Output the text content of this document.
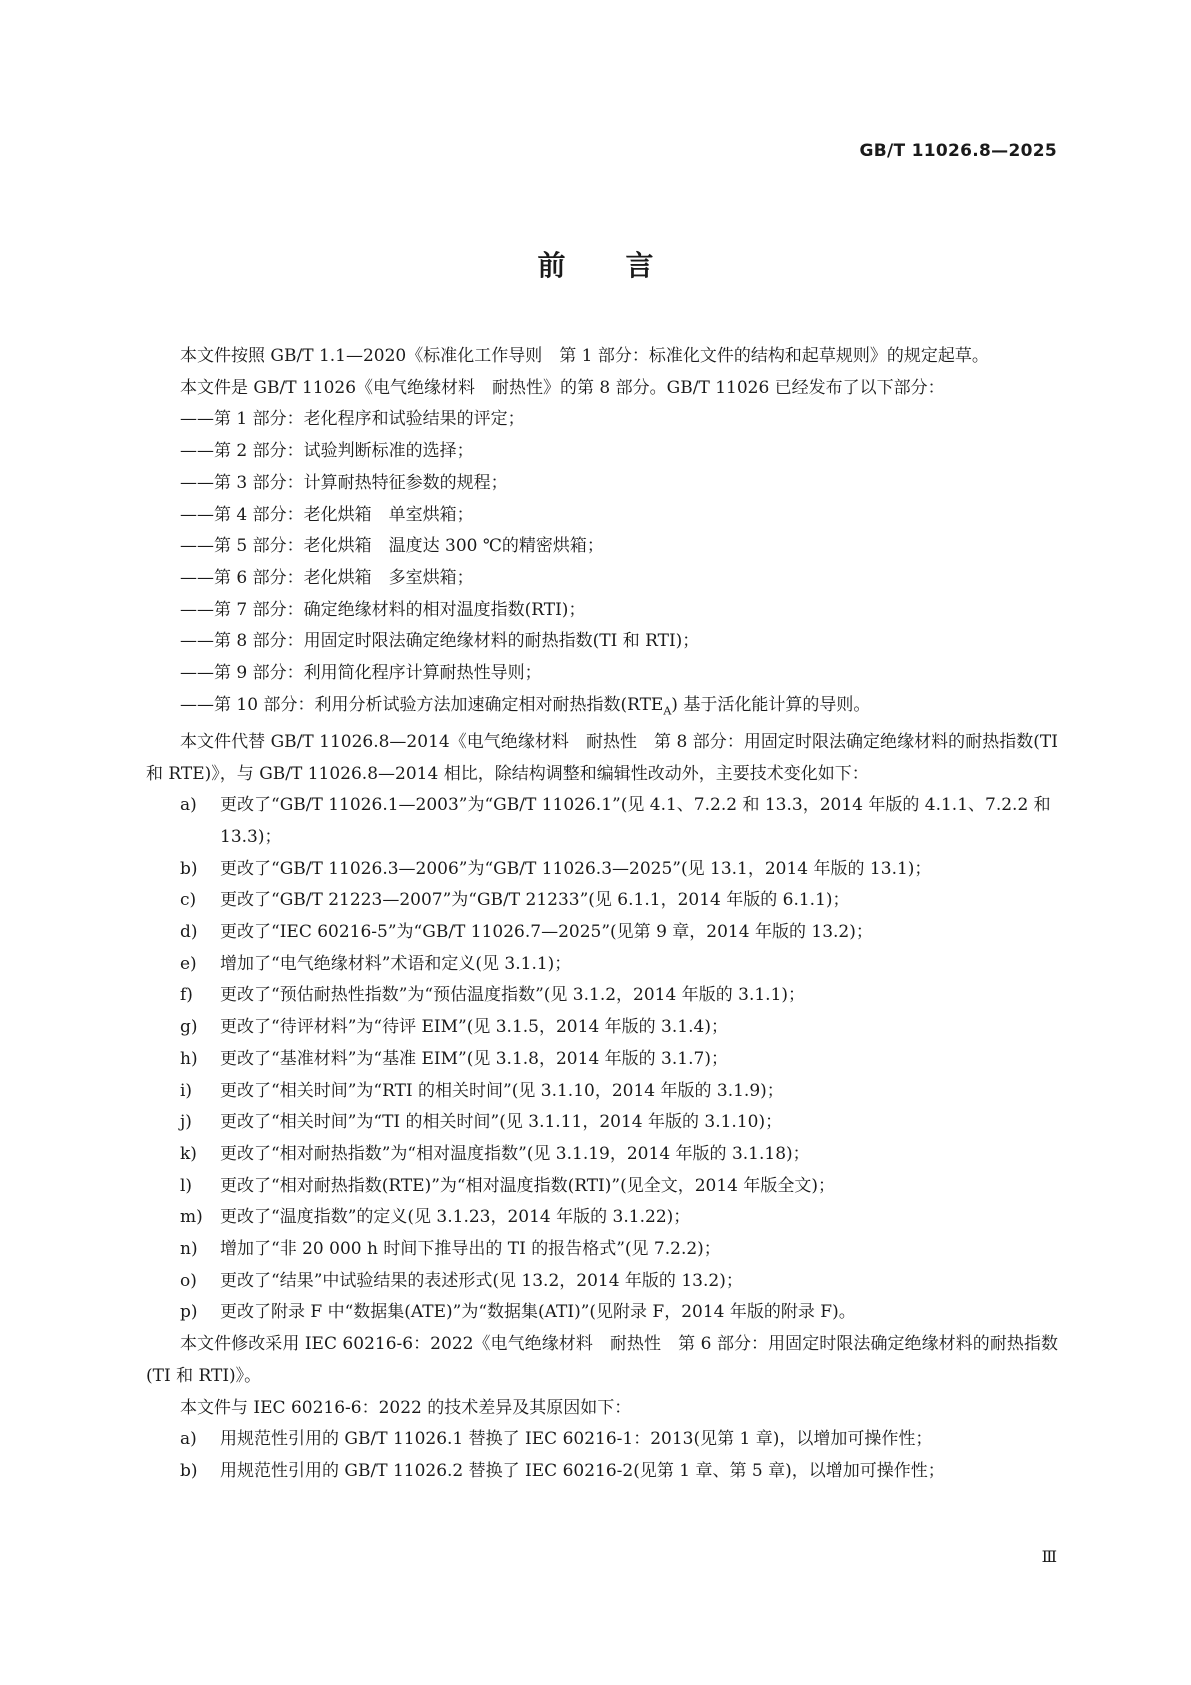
GB/T 11026.8—2025
前言

本文件按照 GB/T 1.1—2020《标准化工作导则　第 1 部分：标准化文件的结构和起草规则》的规定起草。

本文件是 GB/T 11026《电气绝缘材料　耐热性》的第 8 部分。GB/T 11026 已经发布了以下部分：

——第 1 部分：老化程序和试验结果的评定；

——第 2 部分：试验判断标准的选择；

——第 3 部分：计算耐热特征参数的规程；

——第 4 部分：老化烘箱　单室烘箱；

——第 5 部分：老化烘箱　温度达 300 ℃的精密烘箱；

——第 6 部分：老化烘箱　多室烘箱；

——第 7 部分：确定绝缘材料的相对温度指数(RTI)；

——第 8 部分：用固定时限法确定绝缘材料的耐热指数(TI 和 RTI)；

——第 9 部分：利用简化程序计算耐热性导则；

——第 10 部分：利用分析试验方法加速确定相对耐热指数$(RTE_A)$ 基于活化能计算的导则。

本文件代替 GB/T 11026.8—2014《电气绝缘材料　耐热性　第 8 部分：用固定时限法确定绝缘材料的耐热指数(TI 和 RTE)》，与 GB/T 11026.8—2014 相比，除结构调整和编辑性改动外，主要技术变化如下：

a)	更改了“GB/T 11026.1—2003”为“GB/T 11026.1”(见 4.1、7.2.2 和 13.3，2014 年版的 4.1.1、7.2.2 和 13.3)；
b)	更改了“GB/T 11026.3—2006”为“GB/T 11026.3—2025”(见 13.1，2014 年版的 13.1)；
c)	更改了“GB/T 21223—2007”为“GB/T 21233”(见 6.1.1，2014 年版的 6.1.1)；
d)	更改了“IEC 60216-5”为“GB/T 11026.7—2025”(见第 9 章，2014 年版的 13.2)；
e)	增加了“电气绝缘材料”术语和定义(见 3.1.1)；
f)	更改了“预估耐热性指数”为“预估温度指数”(见 3.1.2，2014 年版的 3.1.1)；
g)	更改了“待评材料”为“待评 EIM”(见 3.1.5，2014 年版的 3.1.4)；
h)	更改了“基准材料”为“基准 EIM”(见 3.1.8，2014 年版的 3.1.7)；
i)	更改了“相关时间”为“RTI 的相关时间”(见 3.1.10，2014 年版的 3.1.9)；
j)	更改了“相关时间”为“TI 的相关时间”(见 3.1.11，2014 年版的 3.1.10)；
k)	更改了“相对耐热指数”为“相对温度指数”(见 3.1.19，2014 年版的 3.1.18)；
l)	更改了“相对耐热指数(RTE)”为“相对温度指数(RTI)”(见全文，2014 年版全文)；
m)	更改了“温度指数”的定义(见 3.1.23，2014 年版的 3.1.22)；
n)	增加了“非 20 000 h 时间下推导出的 TI 的报告格式”(见 7.2.2)；
o)	更改了“结果”中试验结果的表述形式(见 13.2，2014 年版的 13.2)；
p)	更改了附录 F 中“数据集(ATE)”为“数据集(ATI)”(见附录 F，2014 年版的附录 F)。

本文件修改采用 IEC 60216-6：2022《电气绝缘材料　耐热性　第 6 部分：用固定时限法确定绝缘材料的耐热指数(TI 和 RTI)》。

本文件与 IEC 60216-6：2022 的技术差异及其原因如下：

a)	用规范性引用的 GB/T 11026.1 替换了 IEC 60216-1：2013(见第 1 章)，以增加可操作性；
b)	用规范性引用的 GB/T 11026.2 替换了 IEC 60216-2(见第 1 章、第 5 章)，以增加可操作性；
Ⅲ
